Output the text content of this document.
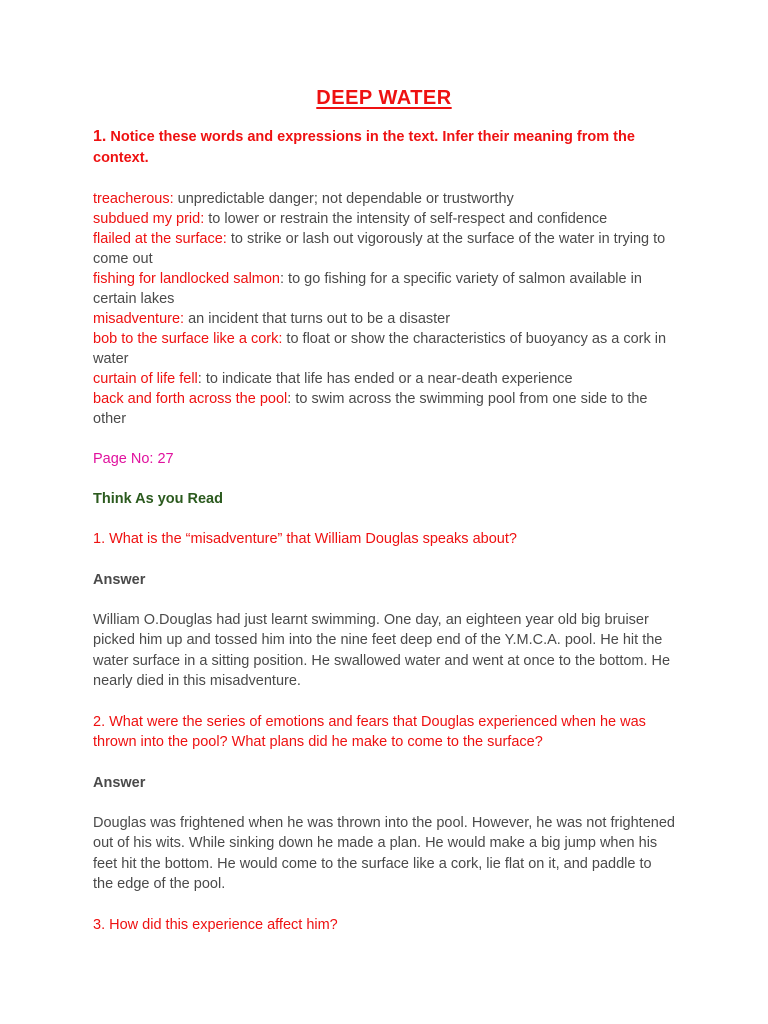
DEEP WATER
1. Notice these words and expressions in the text. Infer their meaning from the context.

treacherous: unpredictable danger; not dependable or trustworthy

subdued my prid: to lower or restrain the intensity of self-respect and confidence

flailed at the surface: to strike or lash out vigorously at the surface of the water in trying to come out

fishing for landlocked salmon: to go fishing for a specific variety of salmon available in certain lakes

misadventure: an incident that turns out to be a disaster

bob to the surface like a cork: to float or show the characteristics of buoyancy as a cork in water

curtain of life fell: to indicate that life has ended or a near-death experience

back and forth across the pool: to swim across the swimming pool from one side to the other

Page No: 27

Think As you Read

1. What is the “misadventure” that William Douglas speaks about?

Answer

William O.Douglas had just learnt swimming. One day, an eighteen year old big bruiser picked him up and tossed him into the nine feet deep end of the Y.M.C.A. pool. He hit the water surface in a sitting position. He swallowed water and went at once to the bottom. He nearly died in this misadventure.

2. What were the series of emotions and fears that Douglas experienced when he was thrown into the pool? What plans did he make to come to the surface?

Answer

Douglas was frightened when he was thrown into the pool. However, he was not frightened out of his wits. While sinking down he made a plan. He would make a big jump when his feet hit the bottom. He would come to the surface like a cork, lie flat on it, and paddle to the edge of the pool.

3. How did this experience affect him?
